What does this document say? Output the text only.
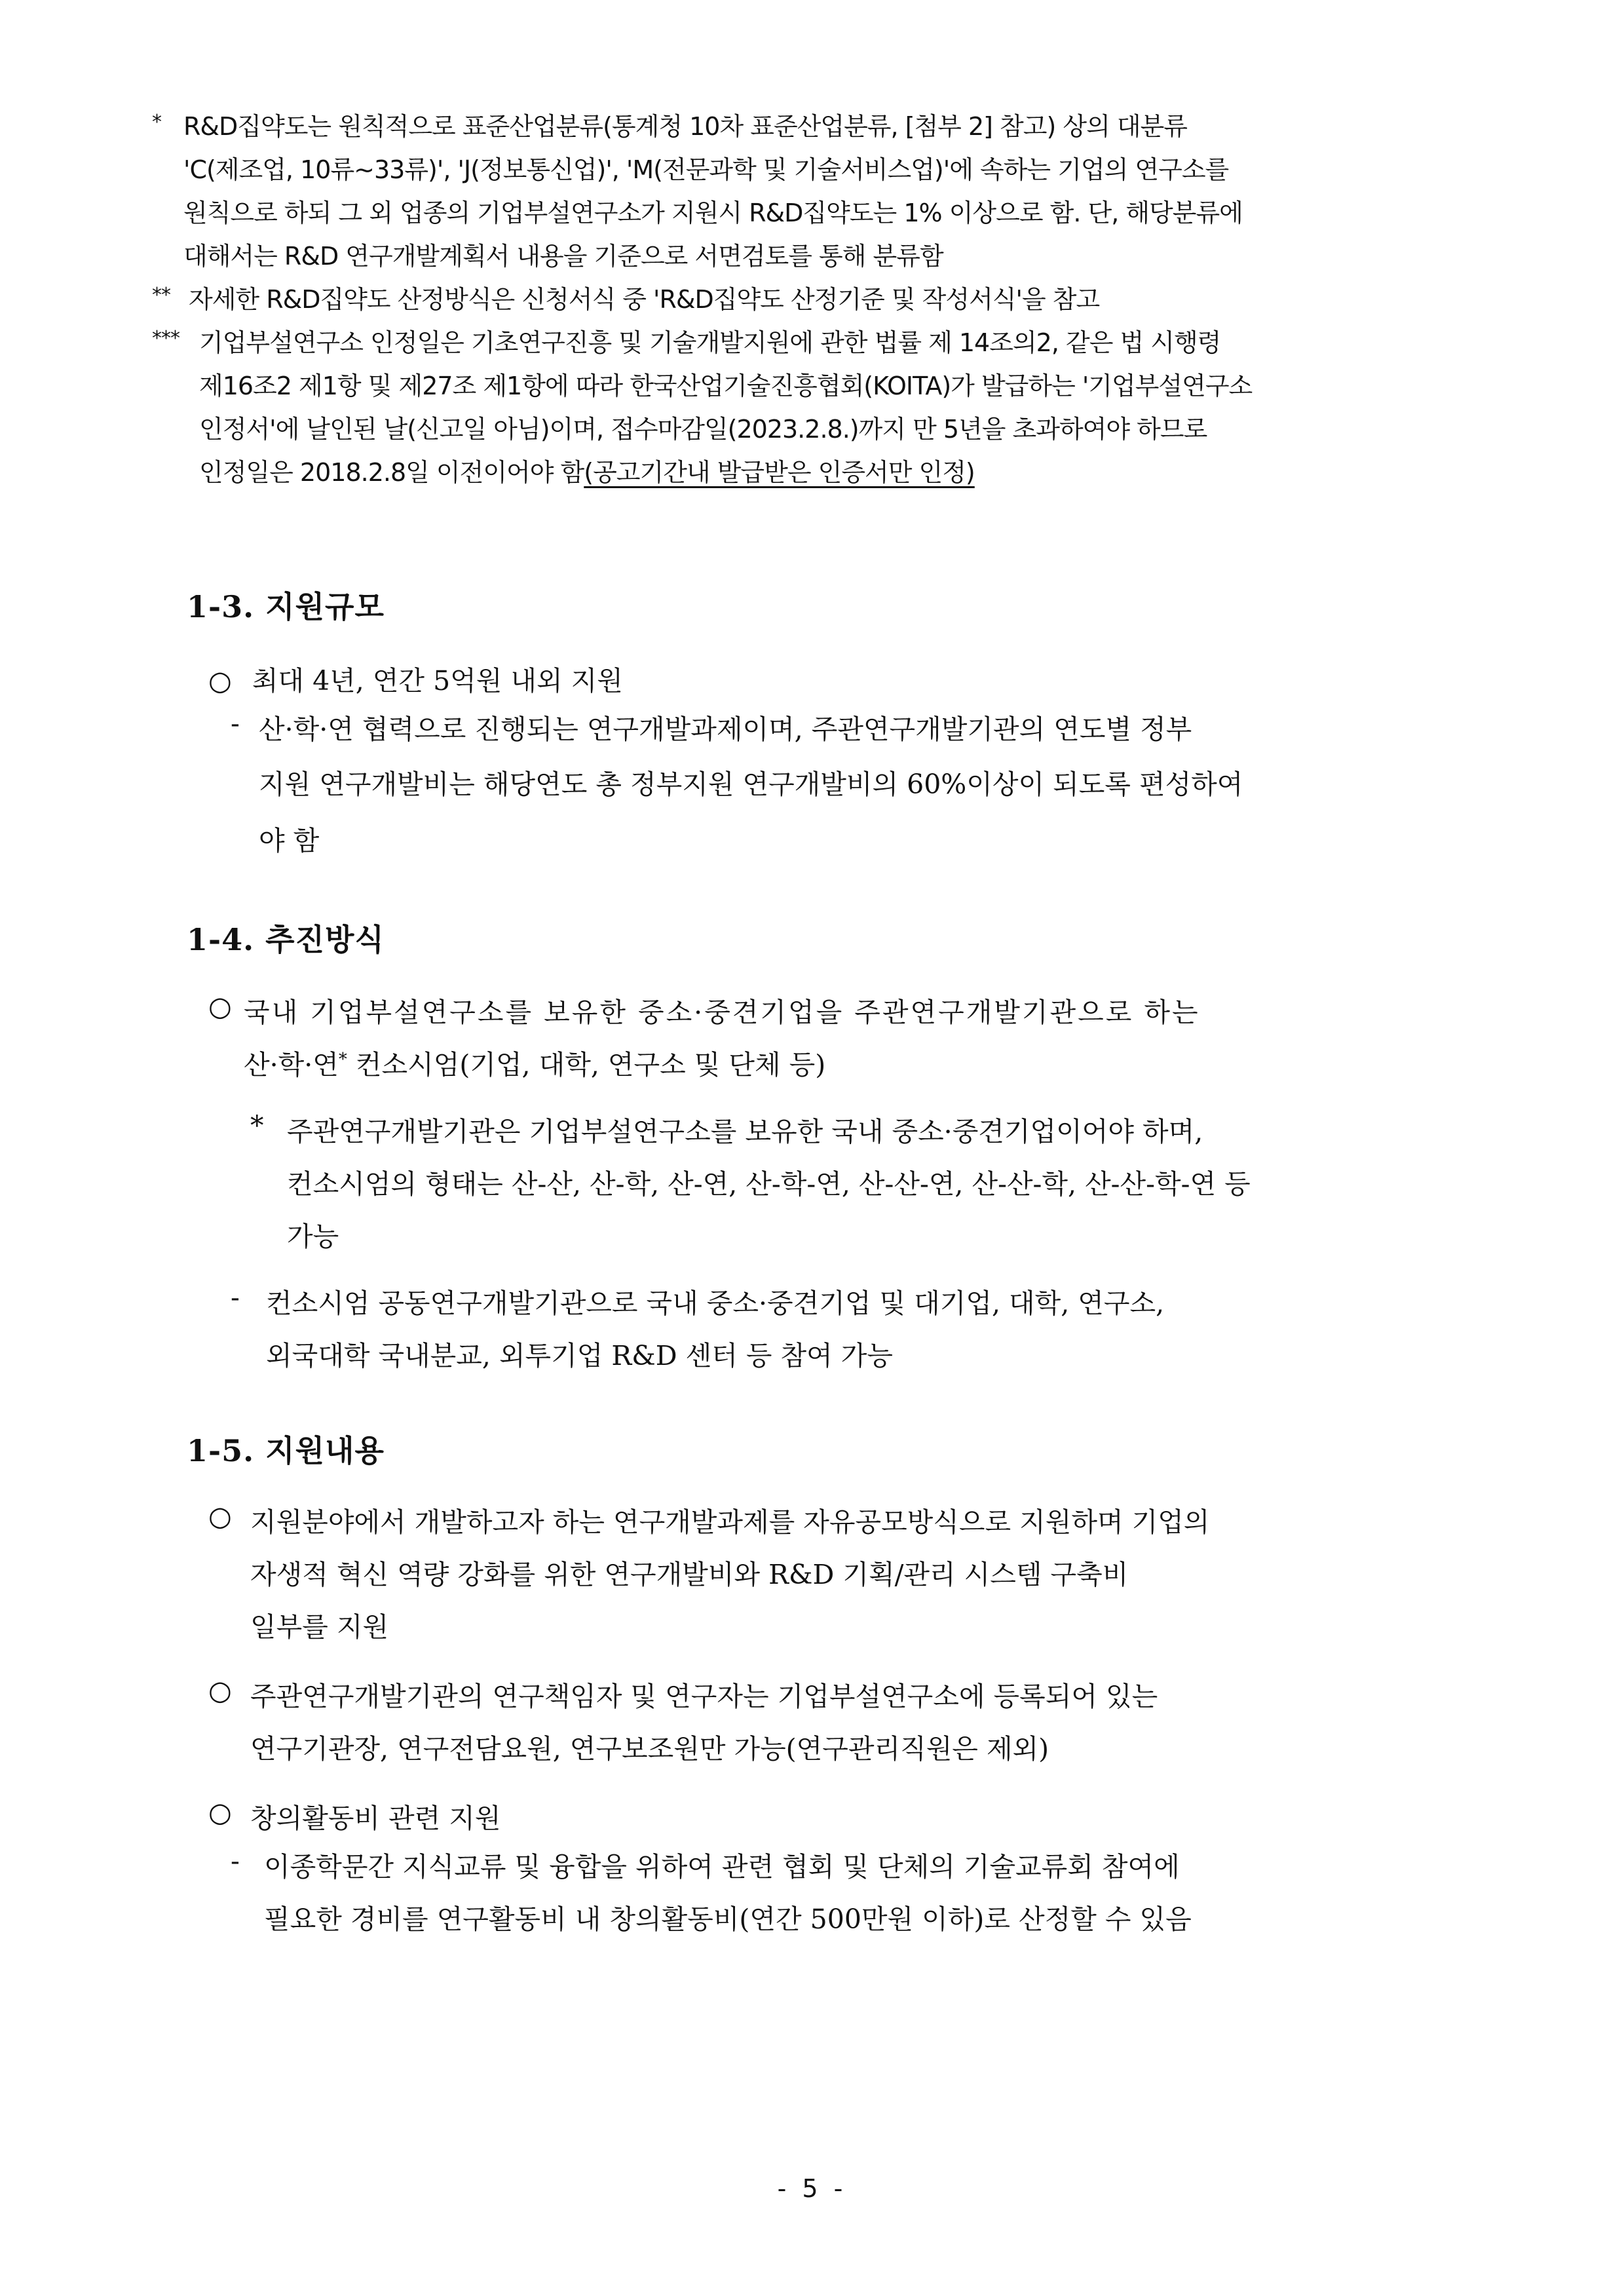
* R&D집약도는 원칙적으로 표준산업분류(통계청 10차 표준산업분류, [첨부 2] 참고) 상의 대분류
'C(제조업, 10류∼33류)', 'J(정보통신업)', 'M(전문과학 및 기술서비스업)'에 속하는 기업의 연구소를
원칙으로 하되 그 외 업종의 기업부설연구소가 지원시 R&D집약도는 1% 이상으로 함. 단, 해당분류에
대해서는 R&D 연구개발계획서 내용을 기준으로 서면검토를 통해 분류함
** 자세한 R&D집약도 산정방식은 신청서식 중 'R&D집약도 산정기준 및 작성서식'을 참고
*** 기업부설연구소 인정일은 기초연구진흥 및 기술개발지원에 관한 법률 제 14조의2, 같은 법 시행령
제16조2 제1항 및 제27조 제1항에 따라 한국산업기술진흥협회(KOITA)가 발급하는 '기업부설연구소
인정서'에 날인된 날(신고일 아님)이며, 접수마감일(2023.2.8.)까지 만 5년을 초과하여야 하므로
인정일은 2018.2.8일 이전이어야 함(공고기간내 발급받은 인증서만 인정)
1-3. 지원규모
○ 최대 4년, 연간 5억원 내외 지원
- 산·학·연 협력으로 진행되는 연구개발과제이며, 주관연구개발기관의 연도별 정부
지원 연구개발비는 해당연도 총 정부지원 연구개발비의 60%이상이 되도록 편성하여
야 함
1-4. 추진방식
○ 국내 기업부설연구소를 보유한 중소·중견기업을 주관연구개발기관으로 하는
산·학·연* 컨소시엄(기업, 대학, 연구소 및 단체 등)
* 주관연구개발기관은 기업부설연구소를 보유한 국내 중소·중견기업이어야 하며,
컨소시엄의 형태는 산-산, 산-학, 산-연, 산-학-연, 산-산-연, 산-산-학, 산-산-학-연 등
가능
- 컨소시엄 공동연구개발기관으로 국내 중소·중견기업 및 대기업, 대학, 연구소,
외국대학 국내분교, 외투기업 R&D 센터 등 참여 가능
1-5. 지원내용
○ 지원분야에서 개발하고자 하는 연구개발과제를 자유공모방식으로 지원하며 기업의
자생적 혁신 역량 강화를 위한 연구개발비와 R&D 기획/관리 시스템 구축비
일부를 지원
○ 주관연구개발기관의 연구책임자 및 연구자는 기업부설연구소에 등록되어 있는
연구기관장, 연구전담요원, 연구보조원만 가능(연구관리직원은 제외)
○ 창의활동비 관련 지원
- 이종학문간 지식교류 및 융합을 위하여 관련 협회 및 단체의 기술교류회 참여에
필요한 경비를 연구활동비 내 창의활동비(연간 500만원 이하)로 산정할 수 있음
- 5 -
